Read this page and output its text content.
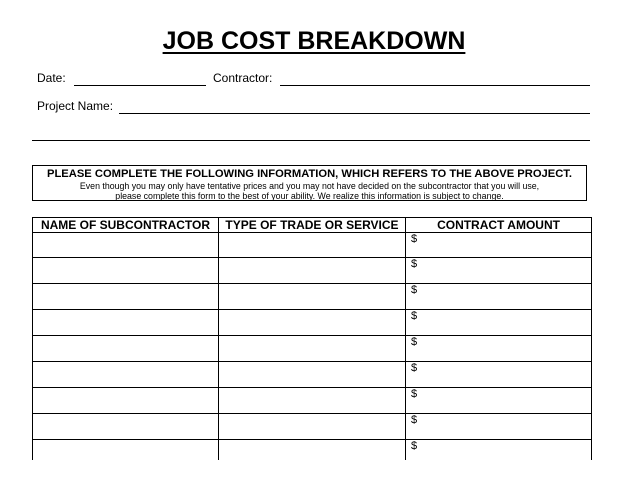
JOB COST BREAKDOWN
Date:	Contractor:
Project Name:
PLEASE COMPLETE THE FOLLOWING INFORMATION, WHICH REFERS TO THE ABOVE PROJECT.
Even though you may only have tentative prices and you may not have decided on the subcontractor that you will use,
please complete this form to the best of your ability. We realize this information is subject to change.
NAME OF SUBCONTRACTOR	TYPE OF TRADE OR SERVICE	CONTRACT AMOUNT
		$
		$
		$
		$
		$
		$
		$
		$
		$
